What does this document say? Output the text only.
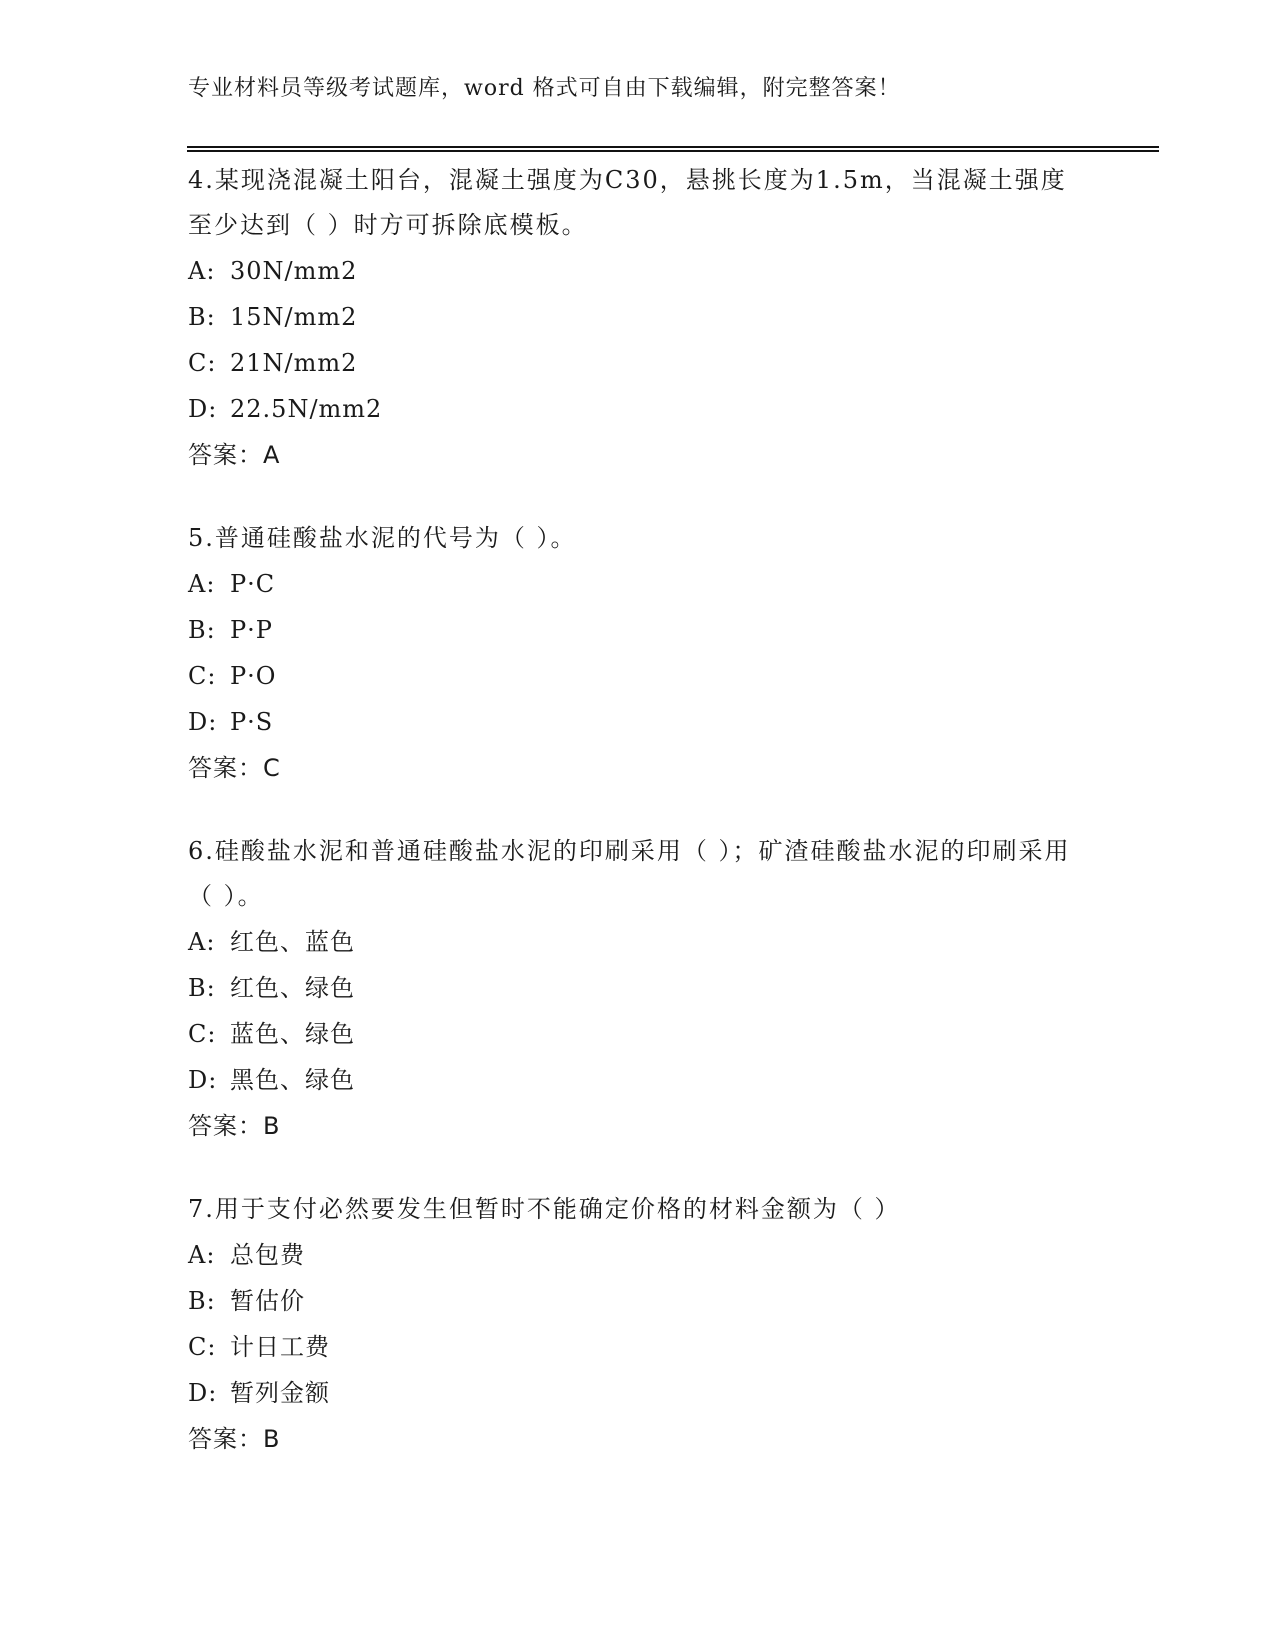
专业材料员等级考试题库，word 格式可自由下载编辑，附完整答案！
4.某现浇混凝土阳台，混凝土强度为C30，悬挑长度为1.5m，当混凝土强度至少达到（ ）时方可拆除底模板。
A: 30N/mm2
B: 15N/mm2
C: 21N/mm2
D: 22.5N/mm2
答案：A
5.普通硅酸盐水泥的代号为（ ）。
A: P·C
B: P·P
C: P·O
D: P·S
答案：C
6.硅酸盐水泥和普通硅酸盐水泥的印刷采用（ ）；矿渣硅酸盐水泥的印刷采用（ ）。
A: 红色、蓝色
B: 红色、绿色
C: 蓝色、绿色
D: 黑色、绿色
答案：B
7.用于支付必然要发生但暂时不能确定价格的材料金额为（ ）
A: 总包费
B: 暂估价
C: 计日工费
D: 暂列金额
答案：B
